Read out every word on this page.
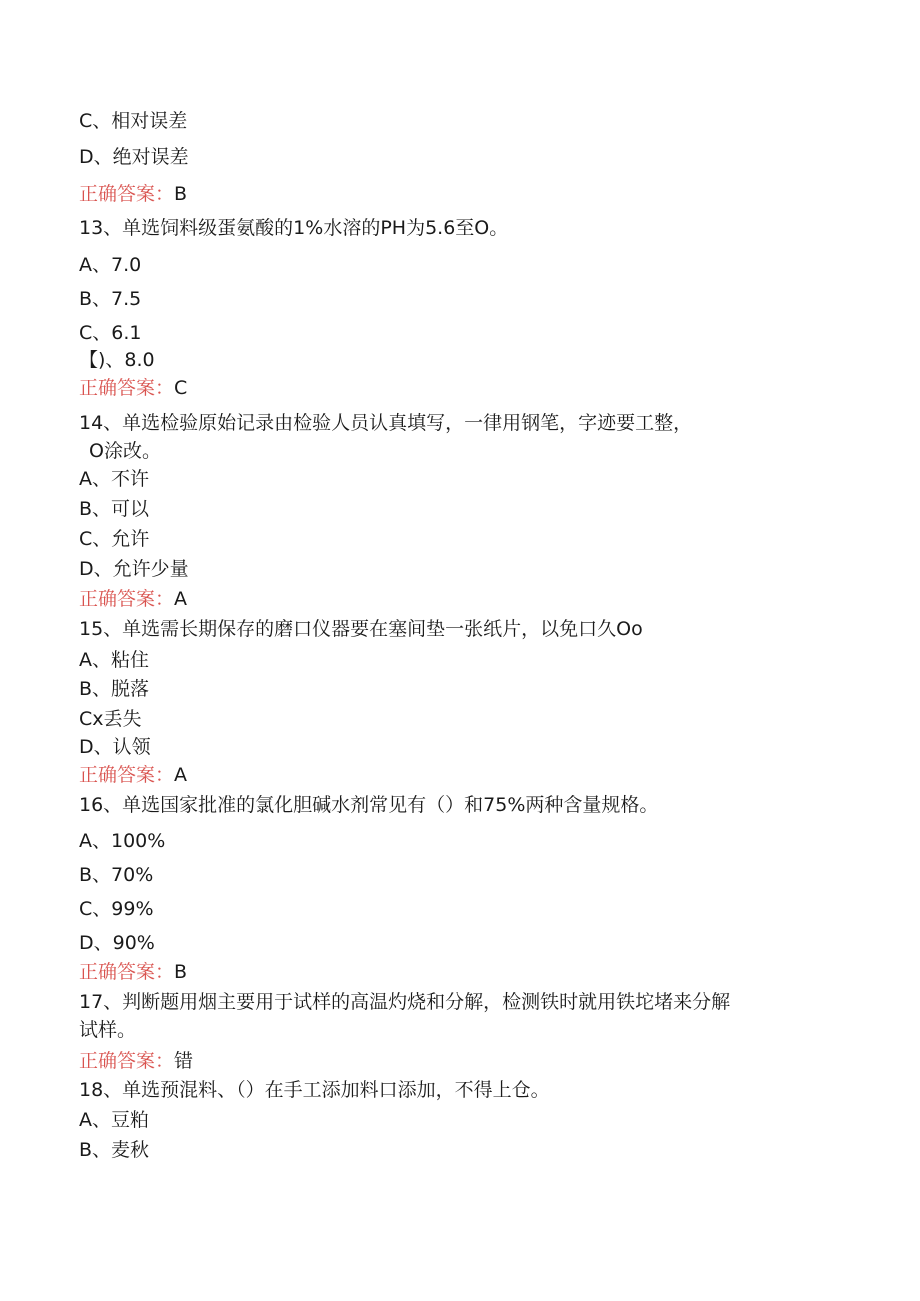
C、相对误差
D、绝对误差
正确答案：B
13、单选饲料级蛋氨酸的1%水溶的PH为5.6至O。
A、7.0
B、7.5
C、6.1
【)、8.0
正确答案：C
14、单选检验原始记录由检验人员认真填写，一律用钢笔，字迹要工整，
O涂改。
A、不许
B、可以
C、允许
D、允许少量
正确答案：A
15、单选需长期保存的磨口仪器要在塞间垫一张纸片，以免口久Oo
A、粘住
B、脱落
Cx丢失
D、认领
正确答案：A
16、单选国家批准的氯化胆碱水剂常见有（）和75%两种含量规格。
A、100%
B、70%
C、99%
D、90%
正确答案：B
17、判断题用烟主要用于试样的高温灼烧和分解，检测铁时就用铁坨堵来分解
试样。
正确答案：错
18、单选预混料、（）在手工添加料口添加，不得上仓。
A、豆粕
B、麦秋
